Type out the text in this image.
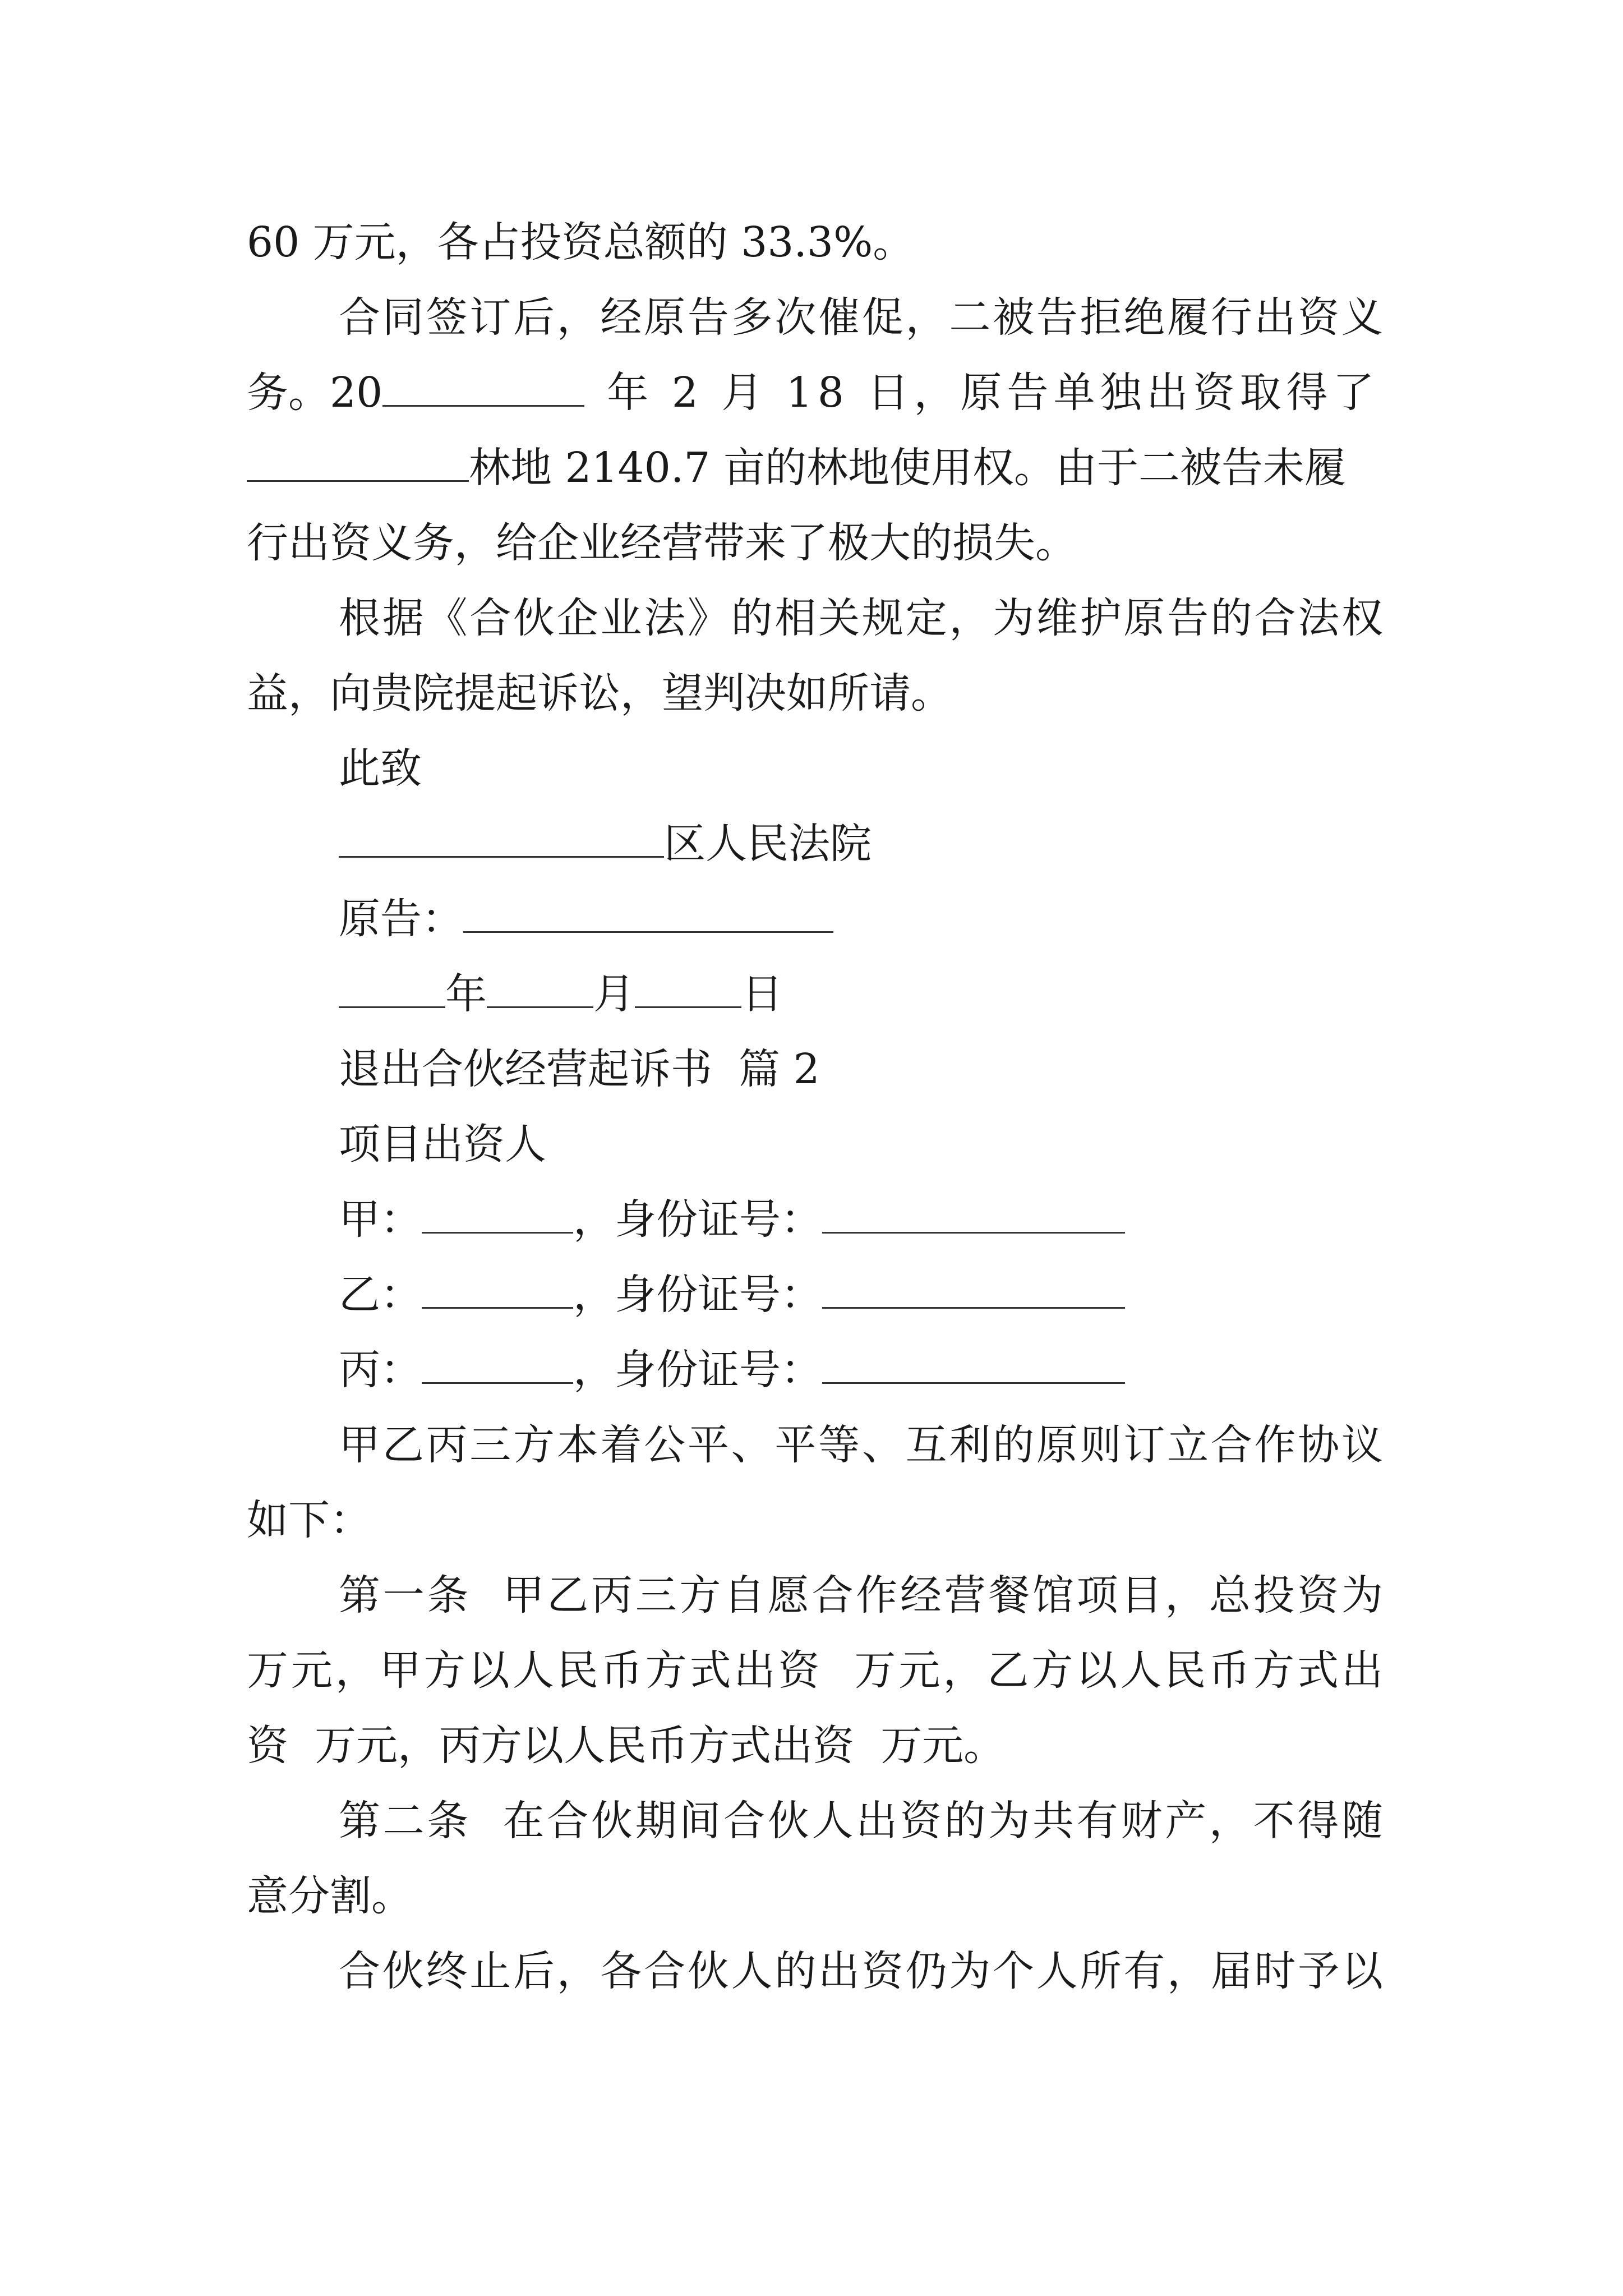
60 万元，各占投资总额的 33.3%。
合同签订后，经原告多次催促，二被告拒绝履行出资义
务。20	年 2 月 18 日，原告单独出资取得了
林地 2140.7 亩的林地使用权。由于二被告未履
行出资义务，给企业经营带来了极大的损失。
根据《合伙企业法》的相关规定，为维护原告的合法权
益，向贵院提起诉讼，望判决如所请。
此致
区人民法院
原告：
年	月	日
退出合伙经营起诉书  篇 2
项目出资人
甲：	，身份证号：
乙：	，身份证号：
丙：	，身份证号：
甲乙丙三方本着公平、平等、互利的原则订立合作协议
如下：
第一条  甲乙丙三方自愿合作经营餐馆项目，总投资为
万元，甲方以人民币方式出资  万元，乙方以人民币方式出
资  万元，丙方以人民币方式出资  万元。
第二条  在合伙期间合伙人出资的为共有财产，不得随
意分割。
合伙终止后，各合伙人的出资仍为个人所有，届时予以
